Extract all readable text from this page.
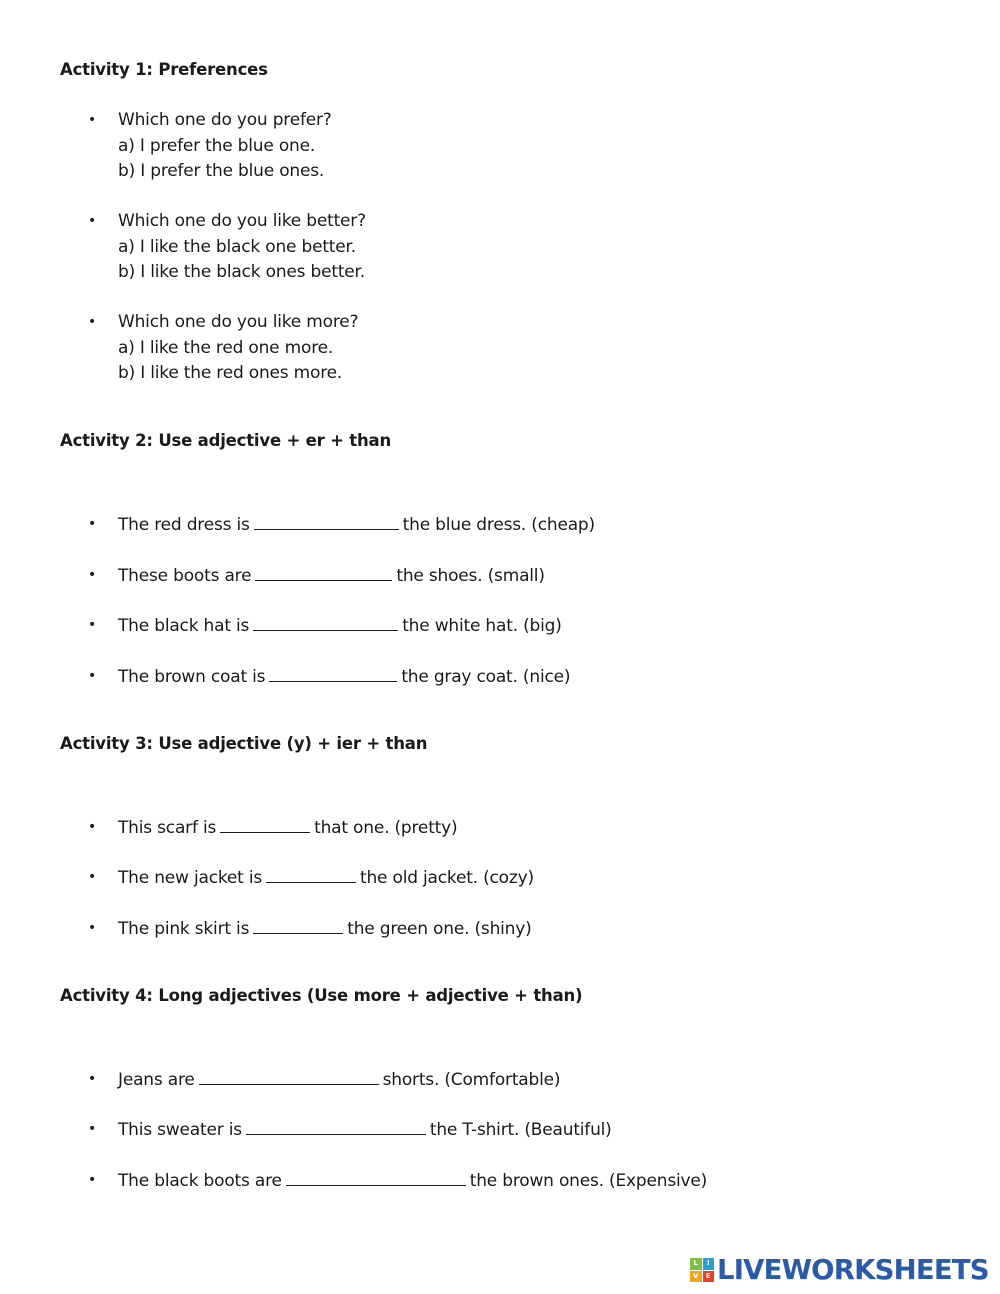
Activity 1: Preferences
•	Which one do you prefer?
a) I prefer the blue one.
b) I prefer the blue ones.
•	Which one do you like better?
a) I like the black one better.
b) I like the black ones better.
•	Which one do you like more?
a) I like the red one more.
b) I like the red ones more.
Activity 2: Use adjective + er + than
•	The red dress is	the blue dress. (cheap)
•	These boots are	the shoes. (small)
•	The black hat is	the white hat. (big)
•	The brown coat is	the gray coat. (nice)
Activity 3: Use adjective (y) + ier + than
•	This scarf is	that one. (pretty)
•	The new jacket is	the old jacket. (cozy)
•	The pink skirt is	the green one. (shiny)
Activity 4: Long adjectives (Use more + adjective + than)
•	Jeans are	shorts. (Comfortable)
•	This sweater is	the T-shirt. (Beautiful)
•	The black boots are	the brown ones. (Expensive)
L	I
V	E LIVEWORKSHEETS
